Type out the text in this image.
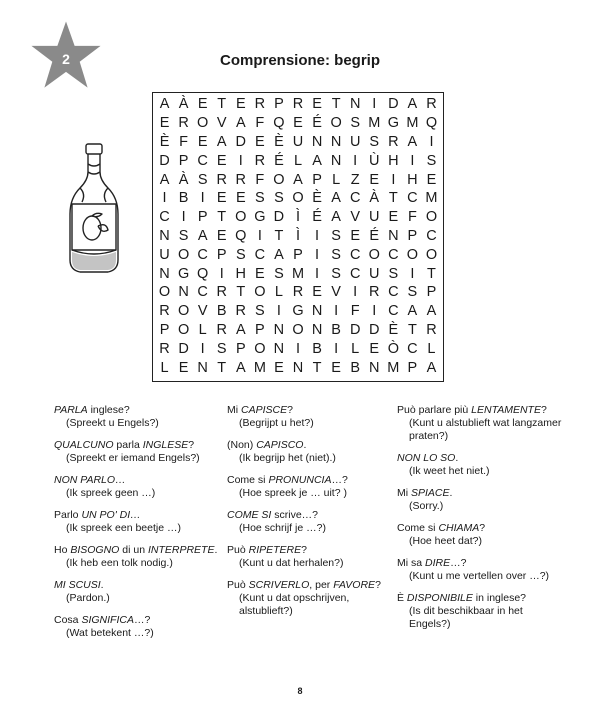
2	Comprensione: begrip
A À E T E R P R E T N I D A R
E R O V A F Q E É O S M G M Q
È F E A D E È U N N U S R A I
D P C E I R É L A N I Ù H I S
A À S R R F O A P L Z E I H E
I B I E E S S O È A C À T C M
C I P T O G D Ì É A V U E F O
N S A E Q I T Ì	I S E É N P C
U O C P S C A P I S C O C O O
N G Q I H E S M I S C U S I T
O N C R T O L R E V I R C S P
R O V B R S I G N I F I C A A
P O L R A P N O N B D D È T R
R D I S P O N I B I L E Ò C L
L E N T A M E N T E B N M P A
PARLA inglese?
(Spreekt u Engels?)
QUALCUNO parla INGLESE?
(Spreekt er iemand Engels?)
NON PARLO…
(Ik spreek geen …)
Parlo UN PO' DI…
(Ik spreek een beetje …)
Ho BISOGNO di un INTERPRETE.
(Ik heb een tolk nodig.)
MI SCUSI.
(Pardon.)
Cosa SIGNIFICA…?
(Wat betekent …?)
Mi CAPISCE?
(Begrijpt u het?)
(Non) CAPISCO.
(Ik begrijp het (niet).)
Come si PRONUNCIA…?
(Hoe spreek je … uit? )
COME SI scrive…?
(Hoe schrijf je …?)
Può RIPETERE?
(Kunt u dat herhalen?)
Può SCRIVERLO, per FAVORE?
(Kunt u dat opschrijven, alstublieft?)
Può parlare più LENTAMENTE?
(Kunt u alstublieft wat langzamer praten?)
NON LO SO.
(Ik weet het niet.)
Mi SPIACE.
(Sorry.)
Come si CHIAMA?
(Hoe heet dat?)
Mi sa DIRE…?
(Kunt u me vertellen over …?)
È DISPONIBILE in inglese?
(Is dit beschikbaar in het Engels?)
8
